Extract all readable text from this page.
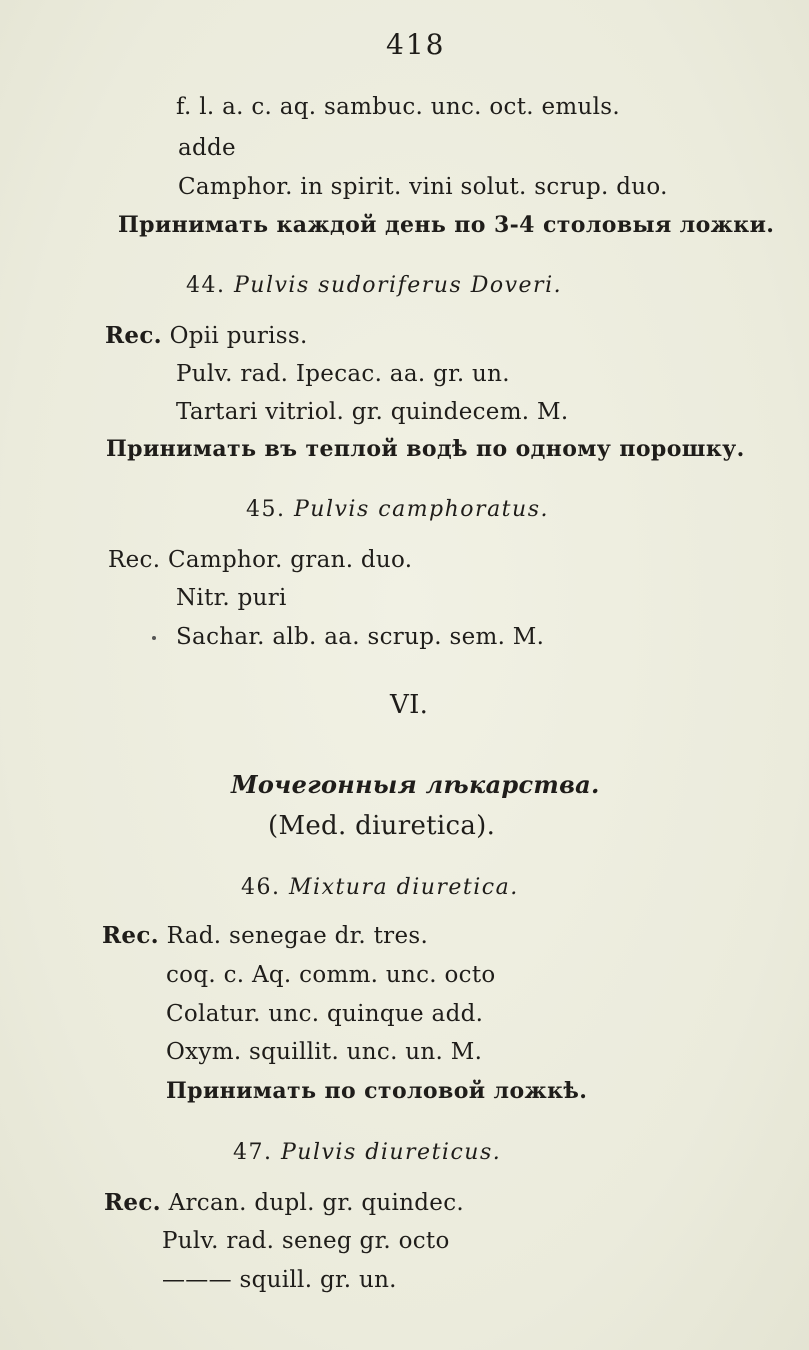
418
f. l. a. c. aq. sambuc. unc. oct. emuls.
adde
Camphor. in spirit. vini solut. scrup. duo.
Принимать каждой день по 3-4 столовыя ложки.
44. Pulvis sudoriferus Doveri.
Rec. Opii puriss.
Pulv. rad. Ipecac. aa. gr. un.
Tartari vitriol. gr. quindecem. M.
Принимать въ теплой водѣ по одному порошку.
45. Pulvis camphoratus.
Rec. Camphor. gran. duo.
Nitr. puri
Sachar. alb. aa. scrup. sem. M.
VI.
Мочегонныя лѣкарства.
(Med. diuretica).
46. Mixtura diuretica.
Rec. Rad. senegae dr. tres.
coq. c. Aq. comm. unc. octo
Colatur. unc. quinque add.
Oxym. squillit. unc. un. M.
Принимать по столовой ложкѣ.
47. Pulvis diureticus.
Rec. Arcan. dupl. gr. quindec.
Pulv. rad. seneg gr. octo
——— squill. gr. un.
